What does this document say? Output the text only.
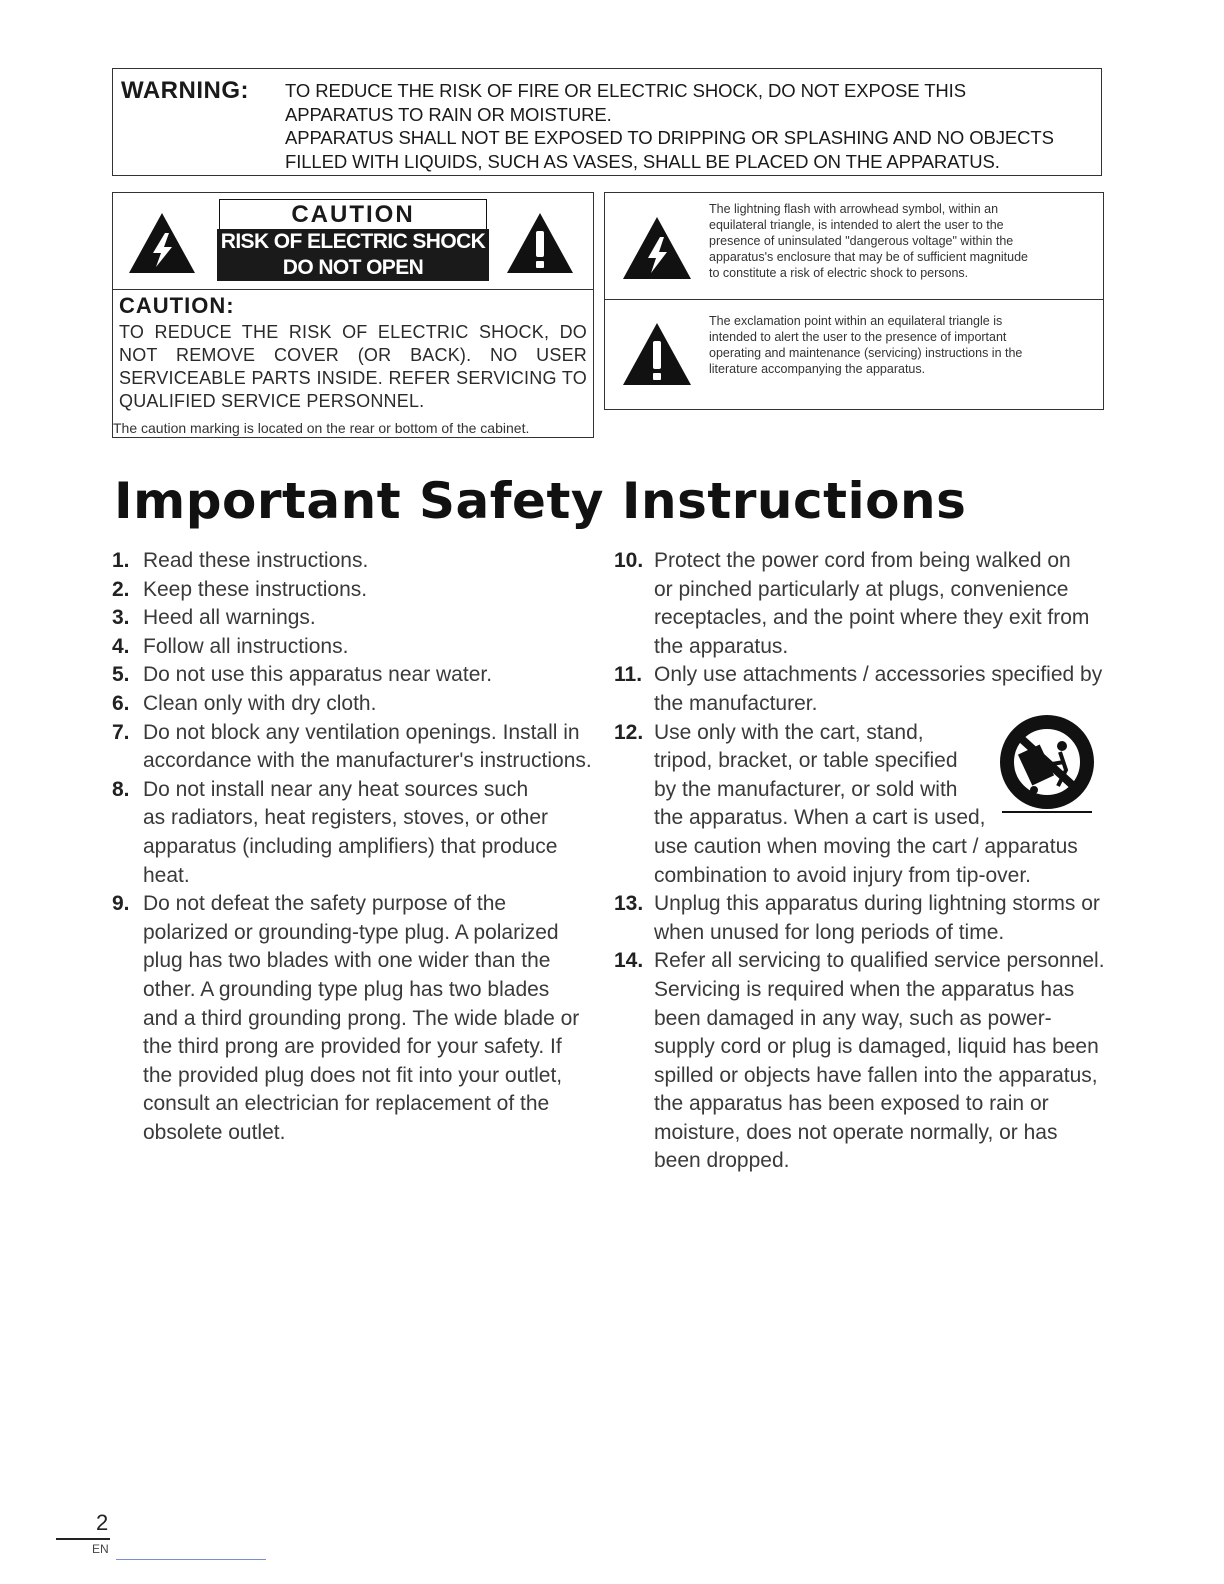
WARNING: TO REDUCE THE RISK OF FIRE OR ELECTRIC SHOCK, DO NOT EXPOSE THIS
APPARATUS TO RAIN OR MOISTURE.
APPARATUS SHALL NOT BE EXPOSED TO DRIPPING OR SPLASHING AND NO OBJECTS
FILLED WITH LIQUIDS, SUCH AS VASES, SHALL BE PLACED ON THE APPARATUS.
CAUTION
RISK OF ELECTRIC SHOCK
DO NOT OPEN
CAUTION:
TO REDUCE THE RISK OF ELECTRIC SHOCK, DO
NOT REMOVE COVER (OR BACK). NO USER
SERVICEABLE PARTS INSIDE. REFER SERVICING TO
QUALIFIED SERVICE PERSONNEL.
The lightning flash with arrowhead symbol, within an
equilateral triangle, is intended to alert the user to the
presence of uninsulated "dangerous voltage" within the
apparatus's enclosure that may be of sufficient magnitude
to constitute a risk of electric shock to persons.
The exclamation point within an equilateral triangle is
intended to alert the user to the presence of important
operating and maintenance (servicing) instructions in the
literature accompanying the apparatus.
The caution marking is located on the rear or bottom of the cabinet.
Important Safety Instructions
1. Read these instructions.
2. Keep these instructions.
3. Heed all warnings.
4. Follow all instructions.
5. Do not use this apparatus near water.
6. Clean only with dry cloth.
7. Do not block any ventilation openings. Install in
accordance with the manufacturer's instructions.
8. Do not install near any heat sources such
as radiators, heat registers, stoves, or other
apparatus (including amplifiers) that produce
heat.
9. Do not defeat the safety purpose of the
polarized or grounding-type plug. A polarized
plug has two blades with one wider than the
other. A grounding type plug has two blades
and a third grounding prong. The wide blade or
the third prong are provided for your safety. If
the provided plug does not fit into your outlet,
consult an electrician for replacement of the
obsolete outlet.
10. Protect the power cord from being walked on
or pinched particularly at plugs, convenience
receptacles, and the point where they exit from
the apparatus.
11. Only use attachments / accessories specified by
the manufacturer.
12. Use only with the cart, stand,
tripod, bracket, or table specified
by the manufacturer, or sold with
the apparatus. When a cart is used,
use caution when moving the cart / apparatus
combination to avoid injury from tip-over.
13. Unplug this apparatus during lightning storms or
when unused for long periods of time.
14. Refer all servicing to qualified service personnel.
Servicing is required when the apparatus has
been damaged in any way, such as power-
supply cord or plug is damaged, liquid has been
spilled or objects have fallen into the apparatus,
the apparatus has been exposed to rain or
moisture, does not operate normally, or has
been dropped.
2
EN
